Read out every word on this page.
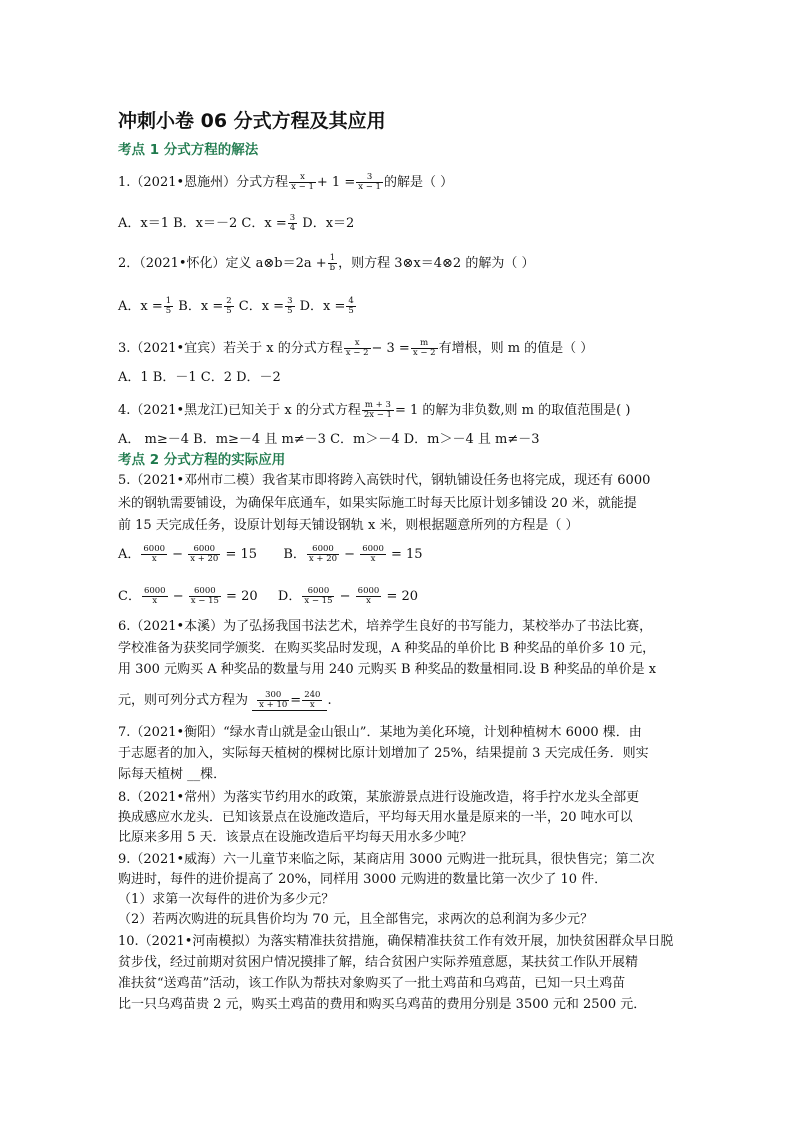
冲刺小卷 06 分式方程及其应用
考点 1 分式方程的解法
1.（2021•恩施州）分式方程 $\frac{x}{x - 1} + 1 = \frac{3}{x - 1}$ 的解是（ ）
A．x＝1 B．x＝－2 C．$x = \frac{3}{4}$ D．x＝2
2．（2021•怀化）定义 a⊗b＝2a + $\frac{1}{b}$ ，则方程 3⊗x＝4⊗2 的解为（ ）
A．$x = \frac{1}{5}$ B．$x = \frac{2}{5}$ C．$x = \frac{3}{5}$ D．$x = \frac{4}{5}$
3.（2021•宜宾）若关于 x 的分式方程 $\frac{x}{x - 2} - 3 = \frac{m}{x - 2}$ 有增根，则 m 的值是（ ）
A．1 B．－1 C．2 D．－2
4.（2021•黑龙江)已知关于 x 的分式方程 $\frac{m + 3}{2x - 1} = 1$ 的解为非负数,则 m 的取值范围是( )
A． m≥－4 B．m≥－4 且 m≠－3 C．m＞－4 D．m＞－4 且 m≠－3
考点 2 分式方程的实际应用
5.（2021•邓州市二模）我省某市即将跨入高铁时代，钢轨铺设任务也将完成，现还有 6000
米的钢轨需要铺设，为确保年底通车，如果实际施工时每天比原计划多铺设 20 米，就能提
前 15 天完成任务，设原计划每天铺设钢轨 x 米，则根据题意所列的方程是（ ）
A． $\frac{6000}{x} - \frac{6000}{x + 20} = 15$ B． $\frac{6000}{x + 20} - \frac{6000}{x} = 15$
C． $\frac{6000}{x} - \frac{6000}{x - 15} = 20$ D． $\frac{6000}{x - 15} - \frac{6000}{x} = 20$
6.（2021•本溪）为了弘扬我国书法艺术，培养学生良好的书写能力，某校举办了书法比赛，
学校准备为获奖同学颁奖．在购买奖品时发现，A 种奖品的单价比 B 种奖品的单价多 10 元，
用 300 元购买 A 种奖品的数量与用 240 元购买 B 种奖品的数量相同.设 B 种奖品的单价是 x
元，则可列分式方程为 $\frac{300}{x + 10} = \frac{240}{x}$ .
7.（2021•衡阳）“绿水青山就是金山银山”．某地为美化环境，计划种植树木 6000 棵．由
于志愿者的加入，实际每天植树的棵树比原计划增加了 25%，结果提前 3 天完成任务．则实
际每天植树 __棵．
8.（2021•常州）为落实节约用水的政策，某旅游景点进行设施改造，将手拧水龙头全部更
换成感应水龙头．已知该景点在设施改造后，平均每天用水量是原来的一半，20 吨水可以
比原来多用 5 天．该景点在设施改造后平均每天用水多少吨？
9.（2021•威海）六一儿童节来临之际，某商店用 3000 元购进一批玩具，很快售完；第二次
购进时，每件的进价提高了 20%，同样用 3000 元购进的数量比第一次少了 10 件．
（1）求第一次每件的进价为多少元？
（2）若两次购进的玩具售价均为 70 元，且全部售完，求两次的总利润为多少元？
10.（2021•河南模拟）为落实精准扶贫措施，确保精准扶贫工作有效开展，加快贫困群众早日脱
贫步伐，经过前期对贫困户情况摸排了解，结合贫困户实际养殖意愿，某扶贫工作队开展精
准扶贫“送鸡苗”活动，该工作队为帮扶对象购买了一批土鸡苗和乌鸡苗，已知一只土鸡苗
比一只乌鸡苗贵 2 元，购买土鸡苗的费用和购买乌鸡苗的费用分别是 3500 元和 2500 元．
